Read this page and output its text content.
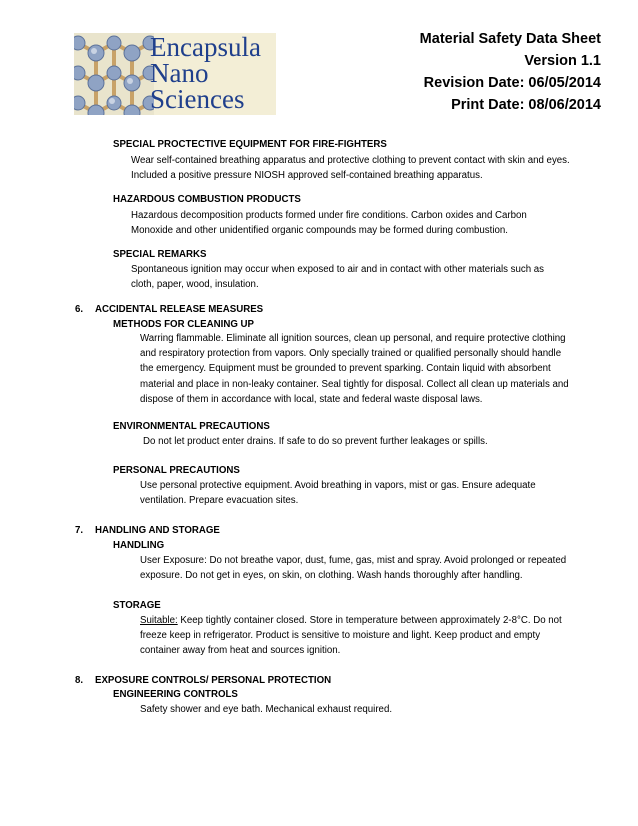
Encapsula
Nano
Sciences
Material Safety Data Sheet
Version 1.1
Revision Date: 06/05/2014
Print Date: 08/06/2014
SPECIAL PROCTECTIVE EQUIPMENT FOR FIRE-FIGHTERS
Wear self-contained breathing apparatus and protective clothing to prevent contact with skin and eyes. Included a positive pressure NIOSH approved self-contained breathing apparatus.
HAZARDOUS COMBUSTION PRODUCTS
Hazardous decomposition products formed under fire conditions. Carbon oxides and Carbon Monoxide and other unidentified organic compounds may be formed during combustion.
SPECIAL REMARKS
Spontaneous ignition may occur when exposed to air and in contact with other materials such as cloth, paper, wood, insulation.
6. ACCIDENTAL RELEASE MEASURES
METHODS FOR CLEANING UP
Warring flammable. Eliminate all ignition sources, clean up personal, and require protective clothing and respiratory protection from vapors. Only specially trained or qualified personally should handle the emergency. Equipment must be grounded to prevent sparking. Contain liquid with absorbent material and place in non-leaky container. Seal tightly for disposal. Collect all clean up materials and dispose of them in accordance with local, state and federal waste disposal laws.
ENVIRONMENTAL PRECAUTIONS
Do not let product enter drains. If safe to do so prevent further leakages or spills.
PERSONAL PRECAUTIONS
Use personal protective equipment. Avoid breathing in vapors, mist or gas. Ensure adequate ventilation. Prepare evacuation sites.
7. HANDLING AND STORAGE
HANDLING
User Exposure: Do not breathe vapor, dust, fume, gas, mist and spray. Avoid prolonged or repeated exposure. Do not get in eyes, on skin, on clothing. Wash hands thoroughly after handling.
STORAGE
Suitable: Keep tightly container closed. Store in temperature between approximately 2-8°C. Do not freeze keep in refrigerator. Product is sensitive to moisture and light. Keep product and empty container away from heat and sources ignition.
8. EXPOSURE CONTROLS/ PERSONAL PROTECTION
ENGINEERING CONTROLS
Safety shower and eye bath. Mechanical exhaust required.
